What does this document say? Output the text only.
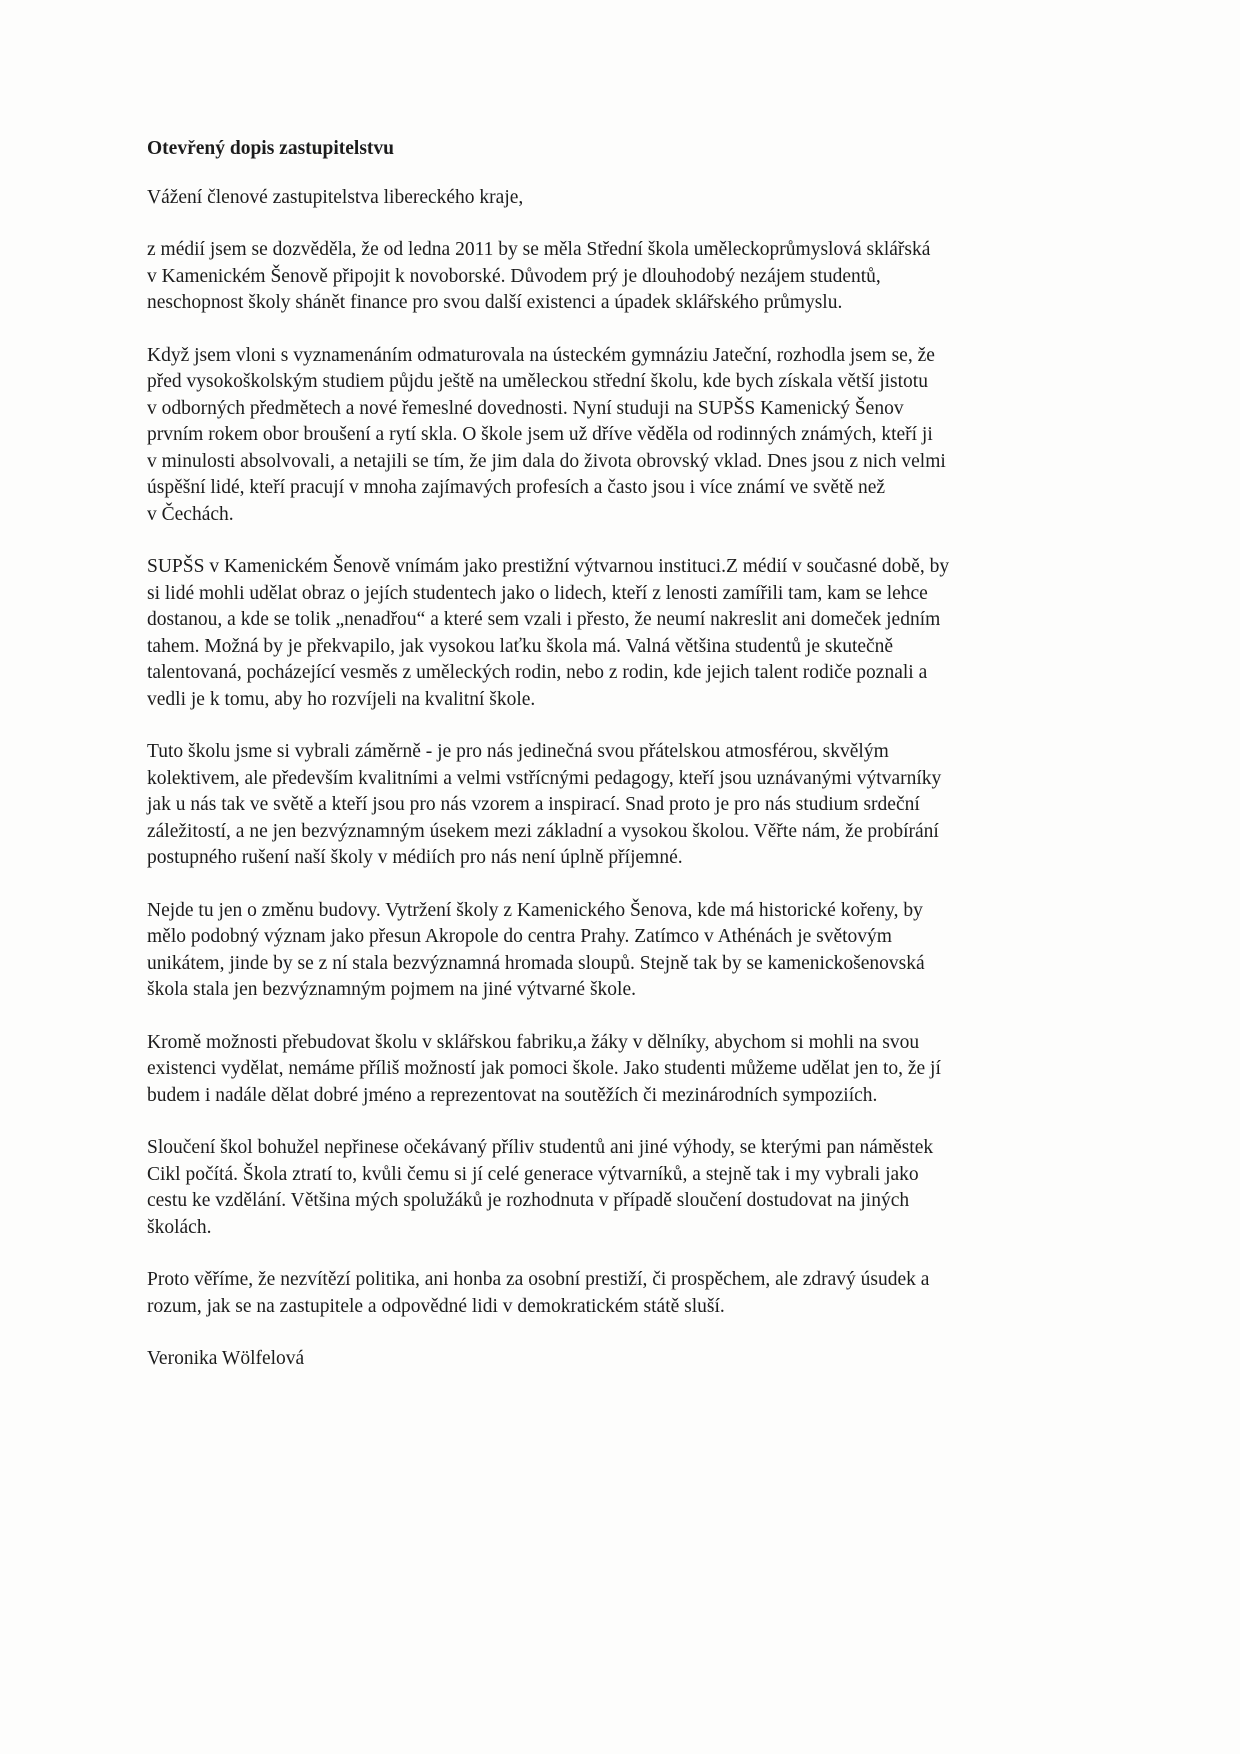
Otevřený dopis zastupitelstvu
Vážení členové zastupitelstva libereckého kraje,
z médií jsem se dozvěděla, že od ledna 2011 by se měla Střední škola uměleckoprůmyslová sklářská
v Kamenickém Šenově připojit k novoborské. Důvodem prý je dlouhodobý nezájem studentů,
neschopnost školy shánět finance pro svou další existenci a úpadek sklářského průmyslu.
Když jsem vloni s vyznamenáním odmaturovala na ústeckém gymnáziu Jateční, rozhodla jsem se, že
před vysokoškolským studiem půjdu ještě na uměleckou střední školu, kde bych získala větší jistotu
v odborných předmětech a nové řemeslné dovednosti. Nyní studuji na SUPŠS Kamenický Šenov
prvním rokem obor broušení a rytí skla. O škole jsem už dříve věděla od rodinných známých, kteří ji
v minulosti absolvovali, a netajili se tím, že jim dala do života obrovský vklad. Dnes jsou z nich velmi
úspěšní lidé, kteří pracují v mnoha zajímavých profesích a často jsou i více známí ve světě než
v Čechách.
SUPŠS v Kamenickém Šenově vnímám jako prestižní výtvarnou instituci.Z médií v současné době, by
si lidé mohli udělat obraz o jejích studentech jako o lidech, kteří z lenosti zamířili tam, kam se lehce
dostanou, a kde se tolik „nenadřou“ a které sem vzali i přesto, že neumí nakreslit ani domeček jedním
tahem. Možná by je překvapilo, jak vysokou laťku škola má. Valná většina studentů je skutečně
talentovaná, pocházející vesměs z uměleckých rodin, nebo z rodin, kde jejich talent rodiče poznali a
vedli je k tomu, aby ho rozvíjeli na kvalitní škole.
Tuto školu jsme si vybrali záměrně - je pro nás jedinečná svou přátelskou atmosférou, skvělým
kolektivem, ale především kvalitními a velmi vstřícnými pedagogy, kteří jsou uznávanými výtvarníky
jak u nás tak ve světě a kteří jsou pro nás vzorem a inspirací. Snad proto je pro nás studium srdeční
záležitostí, a ne jen bezvýznamným úsekem mezi základní a vysokou školou. Věřte nám, že probírání
postupného rušení naší školy v médiích pro nás není úplně příjemné.
Nejde tu jen o změnu budovy. Vytržení školy z Kamenického Šenova, kde má historické kořeny, by
mělo podobný význam jako přesun Akropole do centra Prahy. Zatímco v Athénách je světovým
unikátem, jinde by se z ní stala bezvýznamná hromada sloupů. Stejně tak by se kamenickošenovská
škola stala jen bezvýznamným pojmem na jiné výtvarné škole.
Kromě možnosti přebudovat školu v sklářskou fabriku,a žáky v dělníky, abychom si mohli na svou
existenci vydělat, nemáme příliš možností jak pomoci škole. Jako studenti můžeme udělat jen to, že jí
budem i nadále dělat dobré jméno a reprezentovat na soutěžích či mezinárodních sympoziích.
Sloučení škol bohužel nepřinese očekávaný příliv studentů ani jiné výhody, se kterými pan náměstek
Cikl počítá. Škola ztratí to, kvůli čemu si jí celé generace výtvarníků, a stejně tak i my vybrali jako
cestu ke vzdělání. Většina mých spolužáků je rozhodnuta v případě sloučení dostudovat na jiných
školách.
Proto věříme, že nezvítězí politika, ani honba za osobní prestiží, či prospěchem, ale zdravý úsudek a
rozum, jak se na zastupitele a odpovědné lidi v demokratickém státě sluší.
Veronika Wölfelová
